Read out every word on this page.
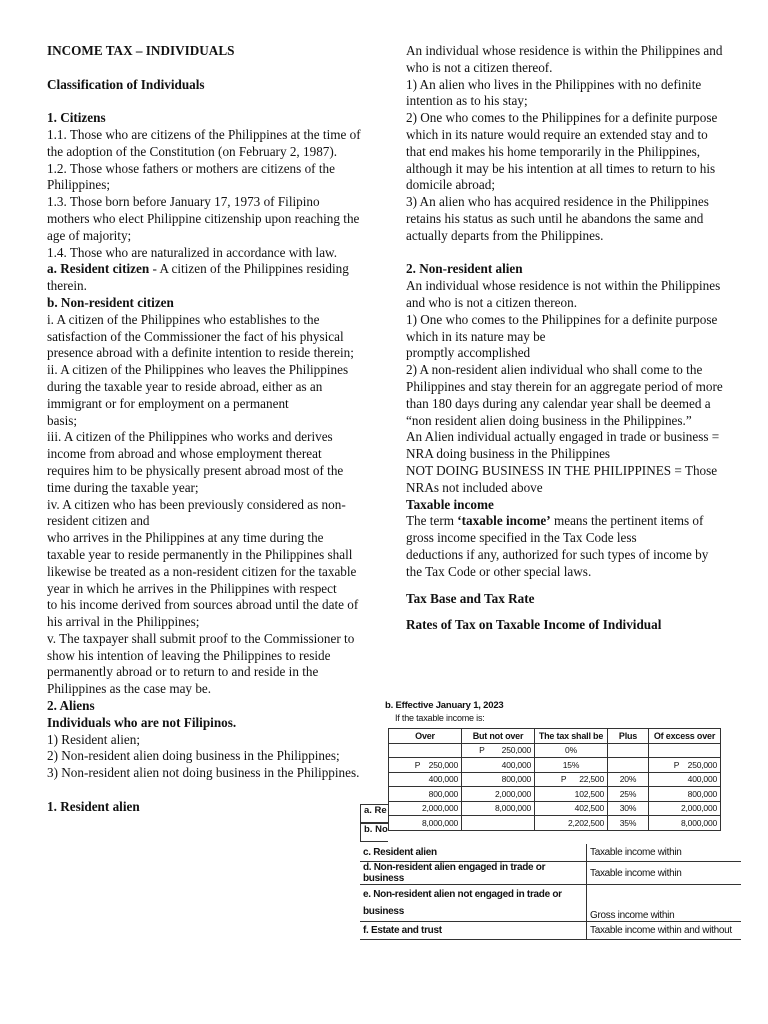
INCOME TAX – INDIVIDUALS

Classification of Individuals

1. Citizens

1.1. Those who are citizens of the Philippines at the time of the adoption of the Constitution (on February 2, 1987).

1.2. Those whose fathers or mothers are citizens of the Philippines;

1.3. Those born before January 17, 1973 of Filipino mothers who elect Philippine citizenship upon reaching the age of majority;

1.4. Those who are naturalized in accordance with law.

a. Resident citizen - A citizen of the Philippines residing therein.

b. Non-resident citizen

i. A citizen of the Philippines who establishes to the satisfaction of the Commissioner the fact of his physical presence abroad with a definite intention to reside therein;

ii. A citizen of the Philippines who leaves the Philippines during the taxable year to reside abroad, either as an immigrant or for employment on a permanent

basis;

iii. A citizen of the Philippines who works and derives income from abroad and whose employment thereat requires him to be physically present abroad most of the time during the taxable year;

iv. A citizen who has been previously considered as non-resident citizen and

who arrives in the Philippines at any time during the taxable year to reside permanently in the Philippines shall likewise be treated as a non-resident citizen for the taxable year in which he arrives in the Philippines with respect

to his income derived from sources abroad until the date of his arrival in the Philippines;

v. The taxpayer shall submit proof to the Commissioner to show his intention of leaving the Philippines to reside permanently abroad or to return to and reside in the Philippines as the case may be.

2. Aliens

Individuals who are not Filipinos.

1) Resident alien;

2) Non-resident alien doing business in the Philippines;

3) Non-resident alien not doing business in the Philippines.

1. Resident alien

An individual whose residence is within the Philippines and who is not a citizen thereof.

1) An alien who lives in the Philippines with no definite intention as to his stay;

2) One who comes to the Philippines for a definite purpose which in its nature would require an extended stay and to that end makes his home temporarily in the Philippines, although it may be his intention at all times to return to his domicile abroad;

3) An alien who has acquired residence in the Philippines retains his status as such until he abandons the same and actually departs from the Philippines.

2. Non-resident alien

An individual whose residence is not within the Philippines and who is not a citizen thereon.

1) One who comes to the Philippines for a definite purpose which in its nature may be

promptly accomplished

2) A non-resident alien individual who shall come to the Philippines and stay therein for an aggregate period of more than 180 days during any calendar year shall be deemed a “non resident alien doing business in the Philippines.”

An Alien individual actually engaged in trade or business = NRA doing business in the Philippines

NOT DOING BUSINESS IN THE PHILIPPINES = Those NRAs not included above

Taxable income

The term ‘taxable income’ means the pertinent items of gross income specified in the Tax Code less

deductions if any, authorized for such types of income by the Tax Code or other special laws.

Tax Base and Tax Rate

Rates of Tax on Taxable Income of Individual

b. Effective January 1, 2023
If the taxable income is:
Over	But not over	The tax shall be	Plus	Of excess over
	P        250,000	0%		
P    250,000	400,000	15%		P    250,000
400,000	800,000	P      22,500	20%	400,000
800,000	2,000,000	102,500	25%	800,000
2,000,000	8,000,000	402,500	30%	2,000,000
8,000,000		2,202,500	35%	8,000,000
a. Re
b. No
c. Resident alien	Taxable income within
d. Non-resident alien engaged in trade or business	Taxable income within
e. Non-resident alien not engaged in trade or business	Gross income within
f. Estate and trust	Taxable income within and without
